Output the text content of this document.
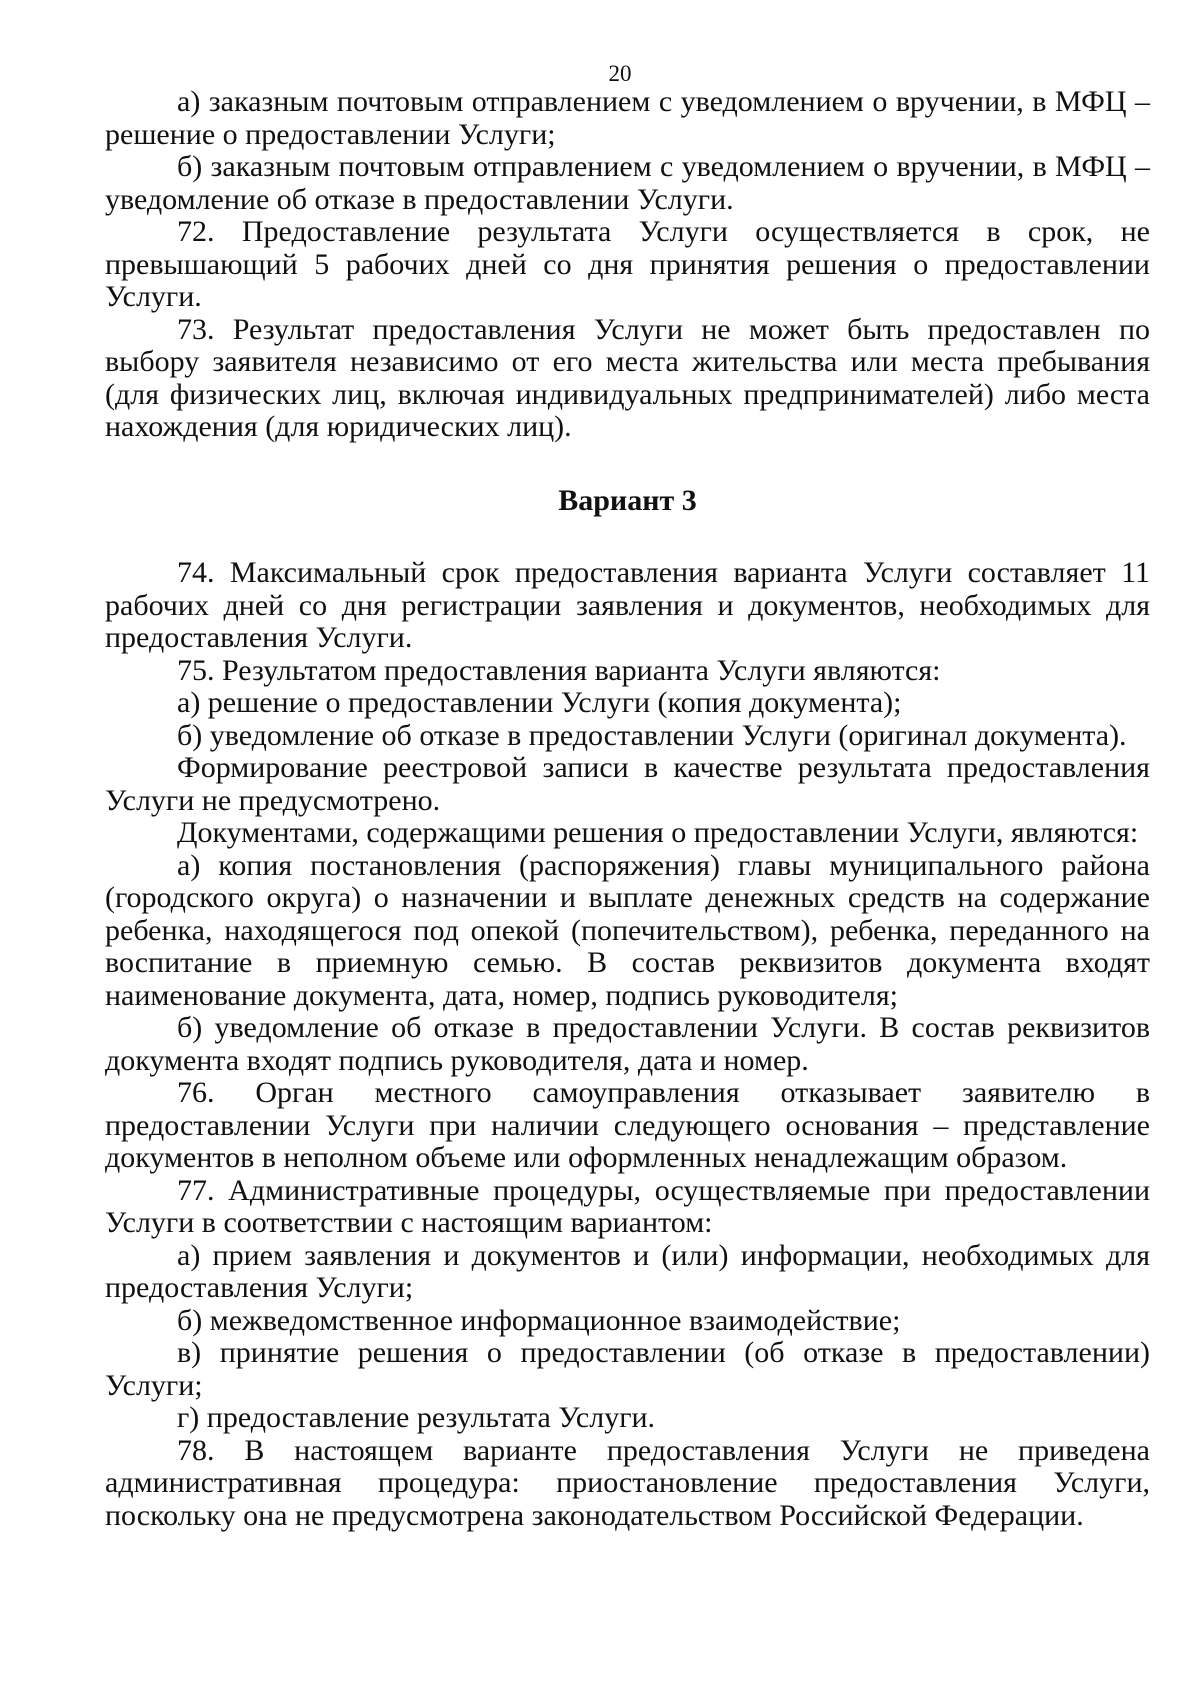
20

а) заказным почтовым отправлением с уведомлением о вручении, в МФЦ – решение о предоставлении Услуги;

б) заказным почтовым отправлением с уведомлением о вручении, в МФЦ – уведомление об отказе в предоставлении Услуги.

72. Предоставление результата Услуги осуществляется в срок, не превышающий 5 рабочих дней со дня принятия решения о предоставлении Услуги.

73. Результат предоставления Услуги не может быть предоставлен по выбору заявителя независимо от его места жительства или места пребывания (для физических лиц, включая индивидуальных предпринимателей) либо места нахождения (для юридических лиц).

Вариант 3

74. Максимальный срок предоставления варианта Услуги составляет 11 рабочих дней со дня регистрации заявления и документов, необходимых для предоставления Услуги.

75. Результатом предоставления варианта Услуги являются:

а) решение о предоставлении Услуги (копия документа);

б) уведомление об отказе в предоставлении Услуги (оригинал документа).

Формирование реестровой записи в качестве результата предоставления Услуги не предусмотрено.

Документами, содержащими решения о предоставлении Услуги, являются:

а) копия постановления (распоряжения) главы муниципального района (городского округа) о назначении и выплате денежных средств на содержание ребенка, находящегося под опекой (попечительством), ребенка, переданного на воспитание в приемную семью. В состав реквизитов документа входят наименование документа, дата, номер, подпись руководителя;

б) уведомление об отказе в предоставлении Услуги. В состав реквизитов документа входят подпись руководителя, дата и номер.

76. Орган местного самоуправления отказывает заявителю в предоставлении Услуги при наличии следующего основания – представление документов в неполном объеме или оформленных ненадлежащим образом.

77. Административные процедуры, осуществляемые при предоставлении Услуги в соответствии с настоящим вариантом:

а) прием заявления и документов и (или) информации, необходимых для предоставления Услуги;

б) межведомственное информационное взаимодействие;

в) принятие решения о предоставлении (об отказе в предоставлении) Услуги;

г) предоставление результата Услуги.

78. В настоящем варианте предоставления Услуги не приведена административная процедура: приостановление предоставления Услуги, поскольку она не предусмотрена законодательством Российской Федерации.
